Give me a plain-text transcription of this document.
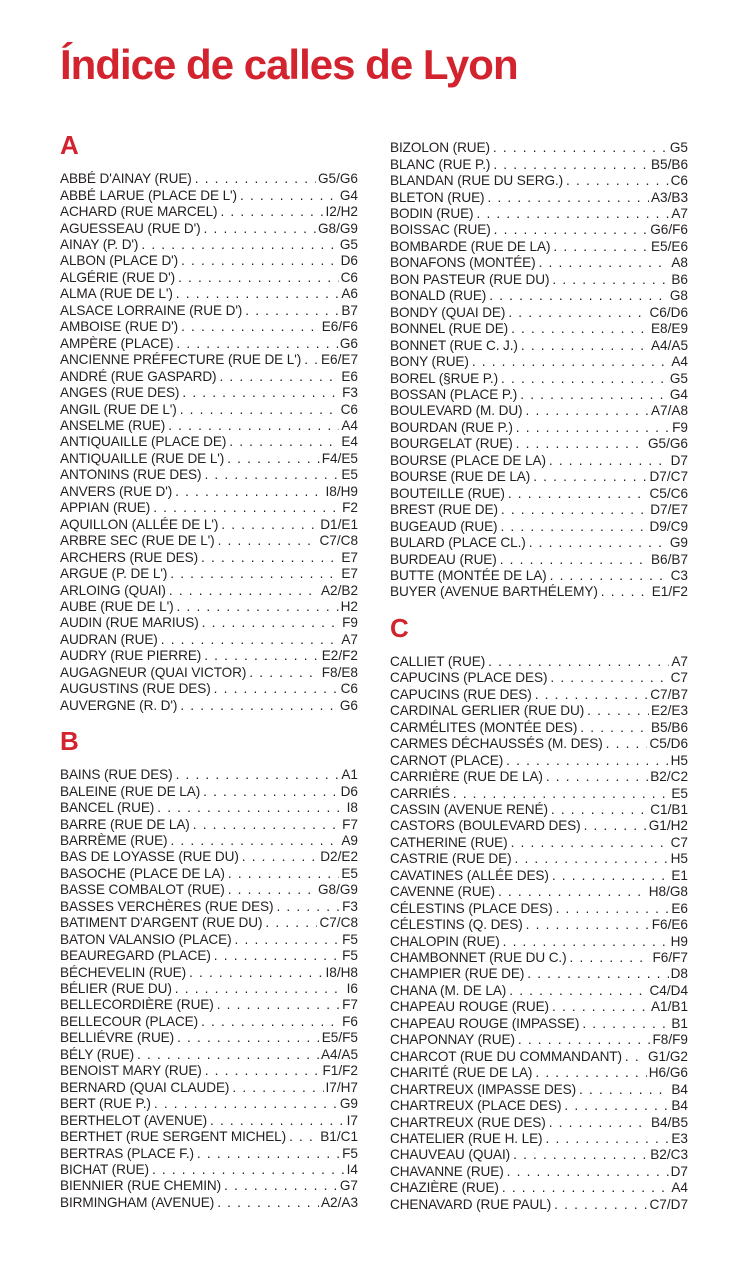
Índice de calles de Lyon
A
ABBÉ D'AINAY (RUE) . . .	G5/G6
ABBÉ LARUE (PLACE DE L') . . .	G4
ACHARD (RUE MARCEL) . . .	I2/H2
AGUESSEAU (RUE D') . . .	G8/G9
AINAY (P. D') . . .	G5
ALBON (PLACE D') . . .	D6
ALGÉRIE (RUE D') . . .	C6
ALMA (RUE DE L') . . .	A6
ALSACE LORRAINE (RUE D') . . .	B7
AMBOISE (RUE D') . . .	E6/F6
AMPÈRE (PLACE) . . .	G6
ANCIENNE PRÉFECTURE (RUE DE L') . . . E6/E7
ANDRÉ (RUE GASPARD) . . .	E6
ANGES (RUE DES) . . .	F3
ANGIL (RUE DE L') . . .	C6
ANSELME (RUE) . . .	A4
ANTIQUAILLE (PLACE DE) . . .	E4
ANTIQUAILLE (RUE DE L') . . .	F4/E5
ANTONINS (RUE DES) . . .	E5
ANVERS (RUE D') . . .	I8/H9
APPIAN (RUE) . . .	F2
AQUILLON (ALLÉE DE L') . . .	D1/E1
ARBRE SEC (RUE DE L') . . .	C7/C8
ARCHERS (RUE DES) . . .	E7
ARGUE (P. DE L') . . .	E7
ARLOING (QUAI) . . .	A2/B2
AUBE (RUE DE L') . . .	H2
AUDIN (RUE MARIUS) . . .	F9
AUDRAN (RUE) . . .	A7
AUDRY (RUE PIERRE) . . .	E2/F2
AUGAGNEUR (QUAI VICTOR) . . .	F8/E8
AUGUSTINS (RUE DES) . . .	C6
AUVERGNE (R. D') . . .	G6
B
BAINS (RUE DES) . . .	A1
BALEINE (RUE DE LA) . . .	D6
BANCEL (RUE) . . .	I8
BARRE (RUE DE LA) . . .	F7
BARRÈME (RUE) . . .	A9
BAS DE LOYASSE (RUE DU) . . .	D2/E2
BASOCHE (PLACE DE LA) . . .	E5
BASSE COMBALOT (RUE) . . .	G8/G9
BASSES VERCHÈRES (RUE DES) . . .	F3
BATIMENT D'ARGENT (RUE DU) . . .	C7/C8
BATON VALANSIO (PLACE) . . .	F5
BEAUREGARD (PLACE) . . .	F5
BÉCHEVELIN (RUE) . . .	I8/H8
BÉLIER (RUE DU) . . .	I6
BELLECORDIÈRE (RUE) . . .	F7
BELLECOUR (PLACE) . . .	F6
BELLIÉVRE (RUE) . . .	E5/F5
BÉLY (RUE) . . .	A4/A5
BENOIST MARY (RUE) . . .	F1/F2
BERNARD (QUAI CLAUDE) . . .	I7/H7
BERT (RUE P.) . . .	G9
BERTHELOT (AVENUE) . . .	I7
BERTHET (RUE SERGENT MICHEL) . . .	B1/C1
BERTRAS (PLACE F.) . . .	F5
BICHAT (RUE) . . .	I4
BIENNIER (RUE CHEMIN) . . .	G7
BIRMINGHAM (AVENUE) . . .	A2/A3
BIZOLON (RUE) . . .	G5
BLANC (RUE P.) . . .	B5/B6
BLANDAN (RUE DU SERG.) . . .	C6
BLETON (RUE) . . .	A3/B3
BODIN (RUE) . . .	A7
BOISSAC (RUE) . . .	G6/F6
BOMBARDE (RUE DE LA) . . .	E5/E6
BONAFONS (MONTÉE) . . .	A8
BON PASTEUR (RUE DU) . . .	B6
BONALD (RUE) . . .	G8
BONDY (QUAI DE) . . .	C6/D6
BONNEL (RUE DE) . . .	E8/E9
BONNET (RUE C. J.) . . .	A4/A5
BONY (RUE) . . .	A4
BOREL (§RUE P.) . . .	G5
BOSSAN (PLACE P.) . . .	G4
BOULEVARD (M. DU) . . .	A7/A8
BOURDAN (RUE P.) . . .	F9
BOURGELAT (RUE) . . .	G5/G6
BOURSE (PLACE DE LA) . . .	D7
BOURSE (RUE DE LA) . . .	D7/C7
BOUTEILLE (RUE) . . .	C5/C6
BREST (RUE DE) . . .	D7/E7
BUGEAUD (RUE) . . .	D9/C9
BULARD (PLACE CL.) . . .	G9
BURDEAU (RUE) . . .	B6/B7
BUTTE (MONTÉE DE LA) . . .	C3
BUYER (AVENUE BARTHÉLEMY) . . .	E1/F2
C
CALLIET (RUE) . . .	A7
CAPUCINS (PLACE DES) . . .	C7
CAPUCINS (RUE DES) . . .	C7/B7
CARDINAL GERLIER (RUE DU) . . .	E2/E3
CARMÉLITES (MONTÉE DES) . . .	B5/B6
CARMES DÉCHAUSSÉS (M. DES) . . .	C5/D6
CARNOT (PLACE) . . .	H5
CARRIÈRE (RUE DE LA) . . .	B2/C2
CARRIÉS . . .	E5
CASSIN (AVENUE RENÉ) . . .	C1/B1
CASTORS (BOULEVARD DES) . . .	G1/H2
CATHERINE (RUE) . . .	C7
CASTRIE (RUE DE) . . .	H5
CAVATINES (ALLÉE DES) . . .	E1
CAVENNE (RUE) . . .	H8/G8
CÉLESTINS (PLACE DES) . . .	E6
CÉLESTINS (Q. DES) . . .	F6/E6
CHALOPIN (RUE) . . .	H9
CHAMBONNET (RUE DU C.) . . .	F6/F7
CHAMPIER (RUE DE) . . .	D8
CHANA (M. DE LA) . . .	C4/D4
CHAPEAU ROUGE (RUE) . . .	A1/B1
CHAPEAU ROUGE (IMPASSE) . . .	B1
CHAPONNAY (RUE) . . .	F8/F9
CHARCOT (RUE DU COMMANDANT) . . . G1/G2
CHARITÉ (RUE DE LA) . . .	H6/G6
CHARTREUX (IMPASSE DES) . . .	B4
CHARTREUX (PLACE DES) . . .	B4
CHARTREUX (RUE DES) . . .	B4/B5
CHATELIER (RUE H. LE) . . .	E3
CHAUVEAU (QUAI) . . .	B2/C3
CHAVANNE (RUE) . . .	D7
CHAZIÈRE (RUE) . . .	A4
CHENAVARD (RUE PAUL) . . .	C7/D7
